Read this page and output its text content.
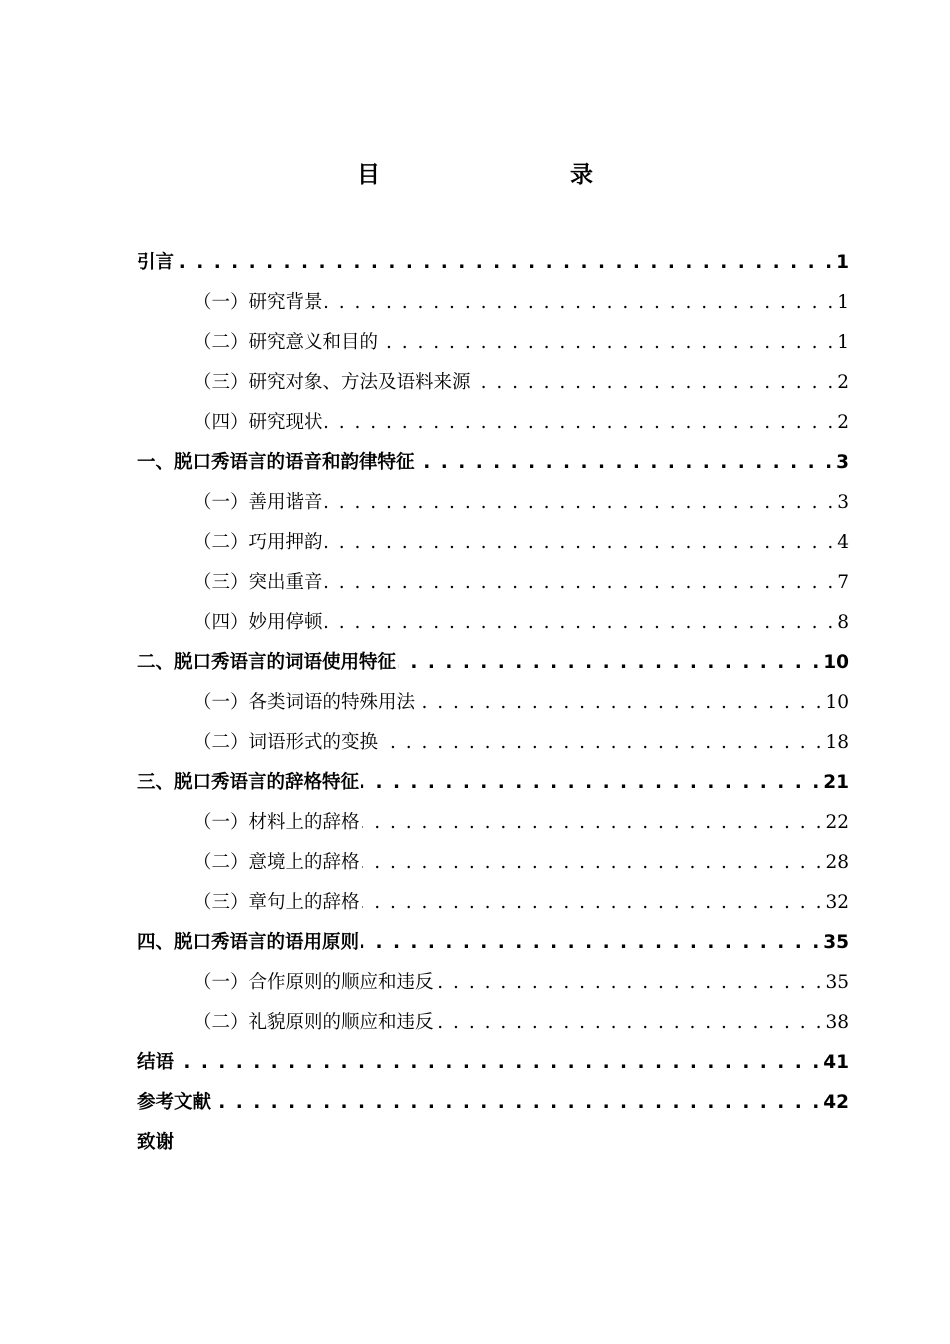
目　　录
引言 . . .	1
（一）研究背景 . . .	1
（二）研究意义和目的 . . .	1
（三）研究对象、方法及语料来源 . . .	2
（四）研究现状 . . .	2
一、脱口秀语言的语音和韵律特征 . . .	3
（一）善用谐音 . . .	3
（二）巧用押韵 . . .	4
（三）突出重音 . . .	7
（四）妙用停顿 . . .	8
二、脱口秀语言的词语使用特征 . . .	10
（一）各类词语的特殊用法 . . .	10
（二）词语形式的变换 . . .	18
三、脱口秀语言的辞格特征 . . .	21
（一）材料上的辞格 . . .	22
（二）意境上的辞格 . . .	28
（三）章句上的辞格 . . .	32
四、脱口秀语言的语用原则 . . .	35
（一）合作原则的顺应和违反 . . .	35
（二）礼貌原则的顺应和违反 . . .	38
结语 . . .	41
参考文献 . . .	42
致谢
